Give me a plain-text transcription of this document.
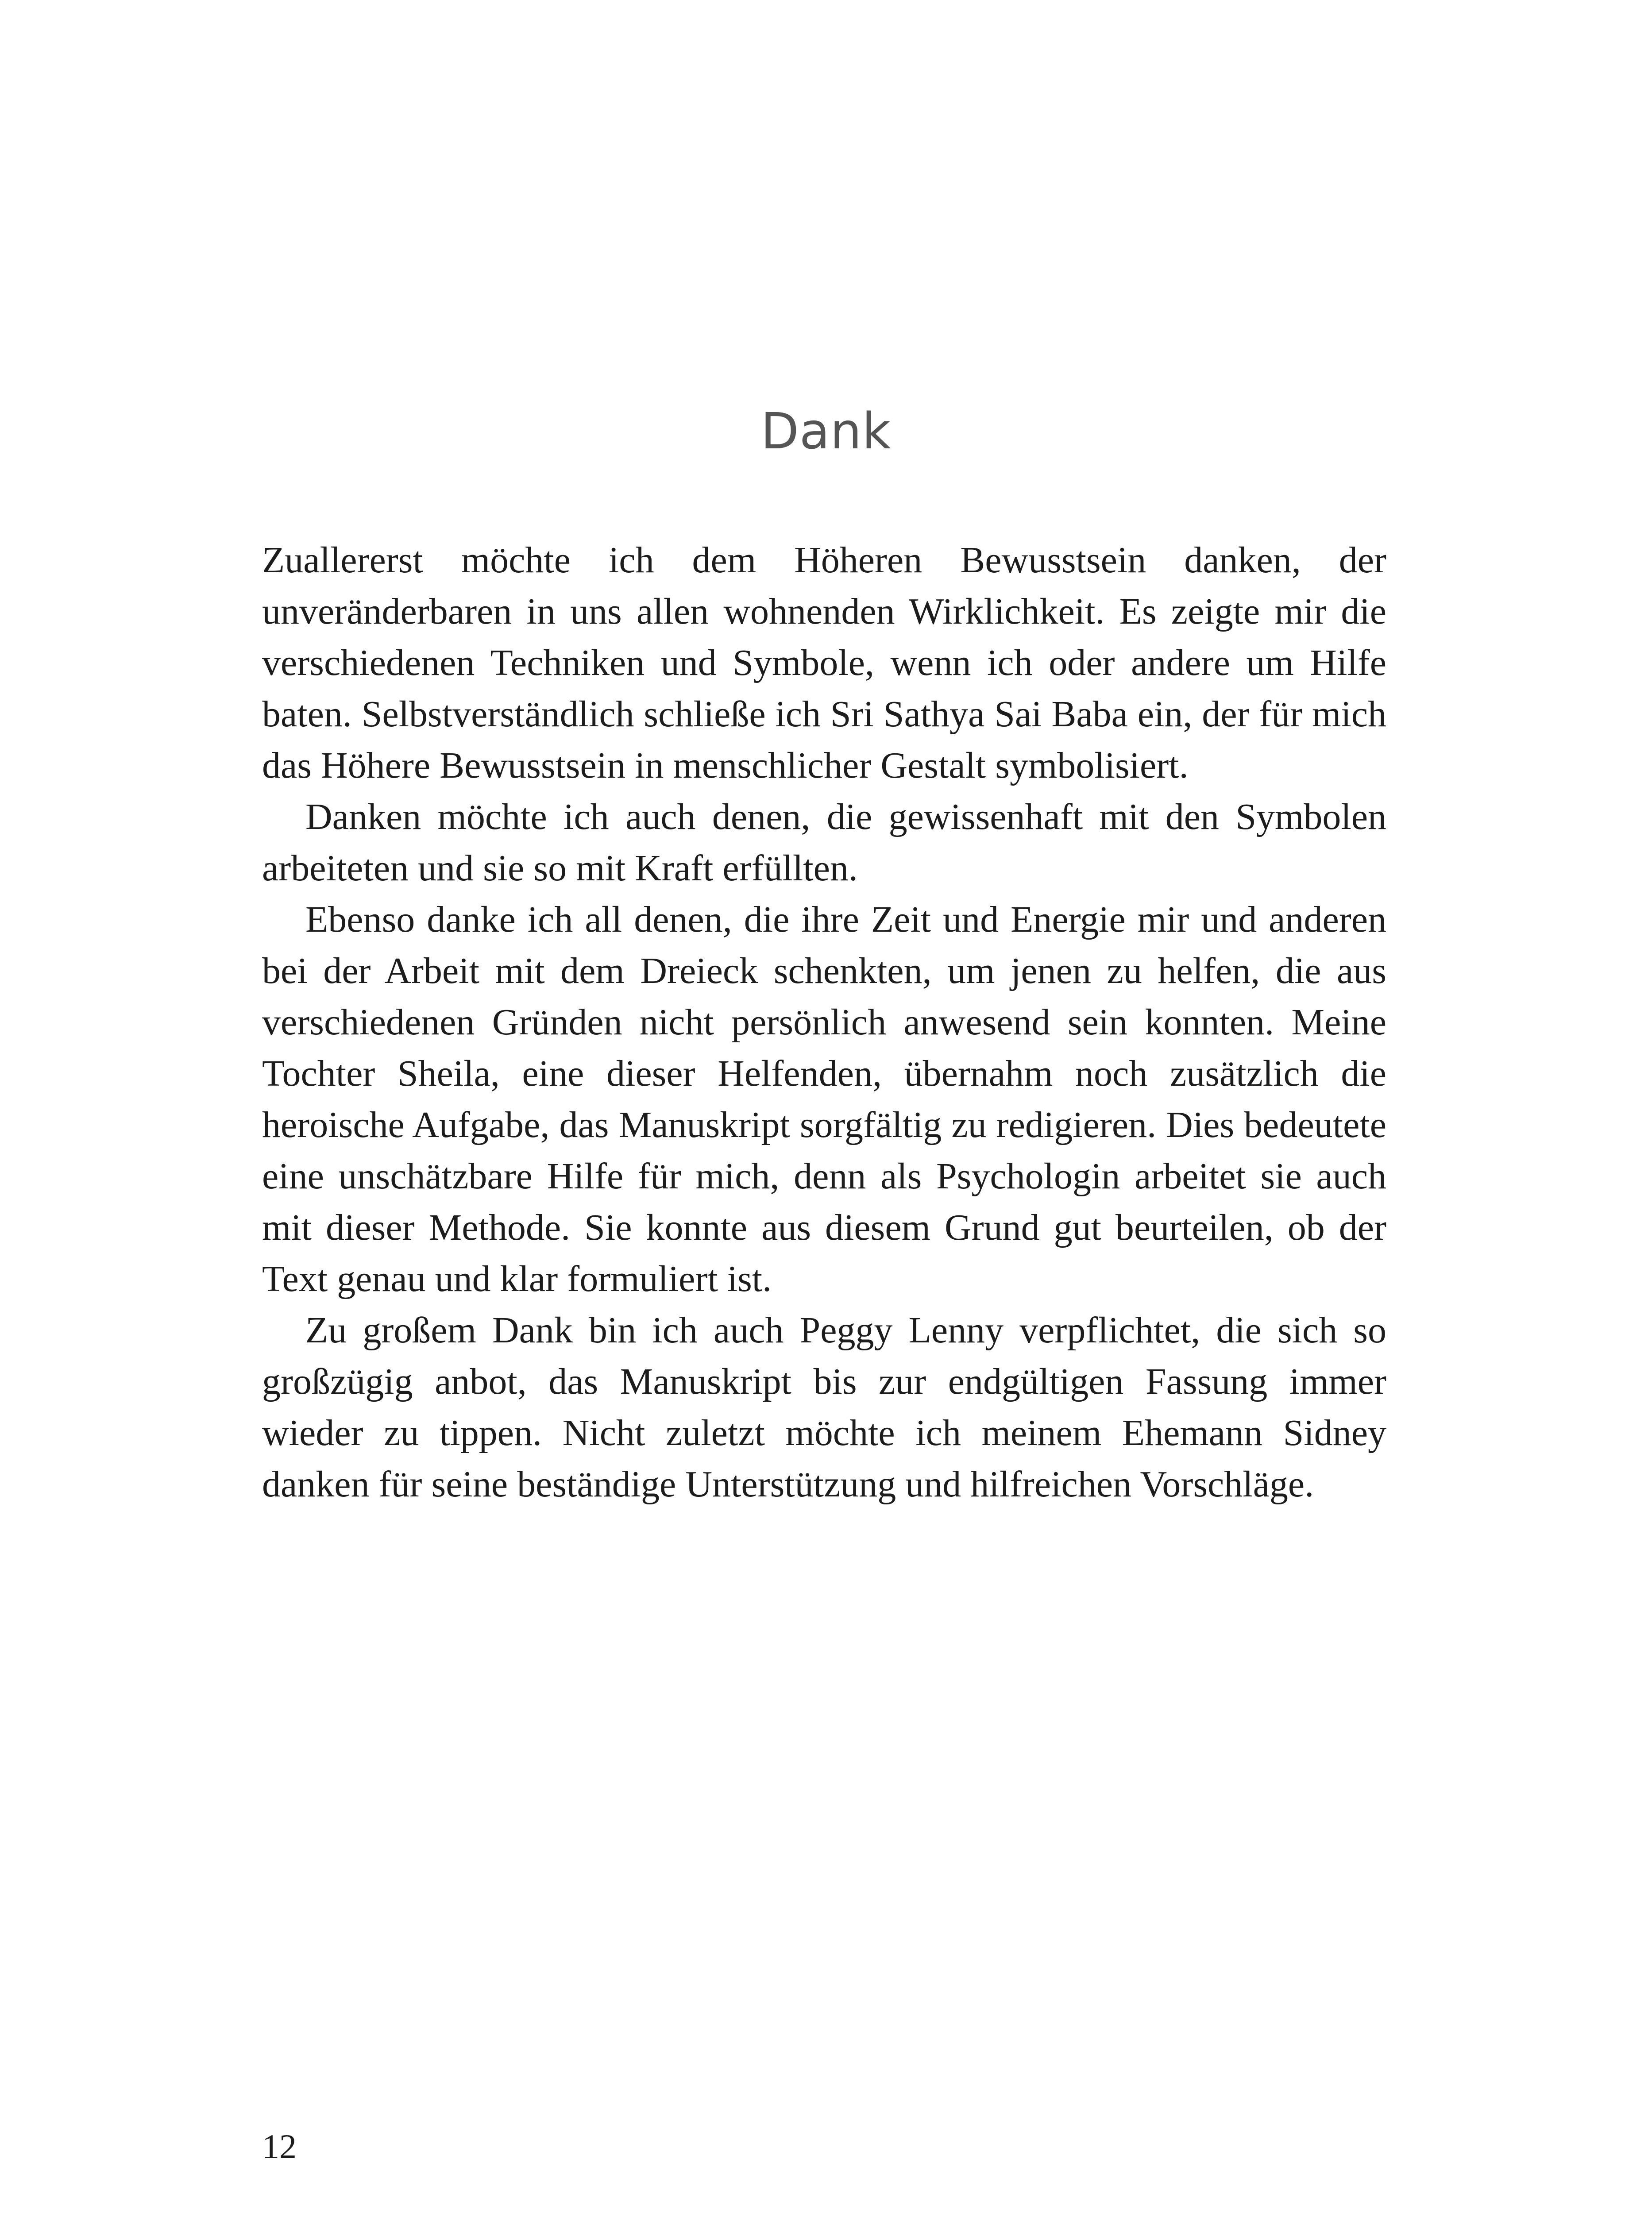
Dank

Zuallererst möchte ich dem Höheren Bewusstsein danken, der unveränderbaren in uns allen wohnenden Wirklichkeit. Es zeigte mir die verschiedenen Techniken und Symbole, wenn ich oder andere um Hilfe baten. Selbstverständlich schließe ich Sri Sathya Sai Baba ein, der für mich das Höhere Bewusstsein in menschlicher Gestalt symbolisiert.

Danken möchte ich auch denen, die gewissenhaft mit den Symbolen arbeiteten und sie so mit Kraft erfüllten.

Ebenso danke ich all denen, die ihre Zeit und Energie mir und anderen bei der Arbeit mit dem Dreieck schenkten, um jenen zu helfen, die aus verschiedenen Gründen nicht persönlich anwesend sein konnten. Meine Tochter Sheila, eine dieser Helfenden, übernahm noch zusätzlich die heroische Aufgabe, das Manuskript sorgfältig zu redigieren. Dies bedeutete eine unschätzbare Hilfe für mich, denn als Psychologin arbeitet sie auch mit dieser Methode. Sie konnte aus diesem Grund gut beurteilen, ob der Text genau und klar formuliert ist.

Zu großem Dank bin ich auch Peggy Lenny verpflichtet, die sich so großzügig anbot, das Manuskript bis zur endgültigen Fassung immer wieder zu tippen. Nicht zuletzt möchte ich meinem Ehemann Sidney danken für seine beständige Unterstützung und hilfreichen Vorschläge.

12
